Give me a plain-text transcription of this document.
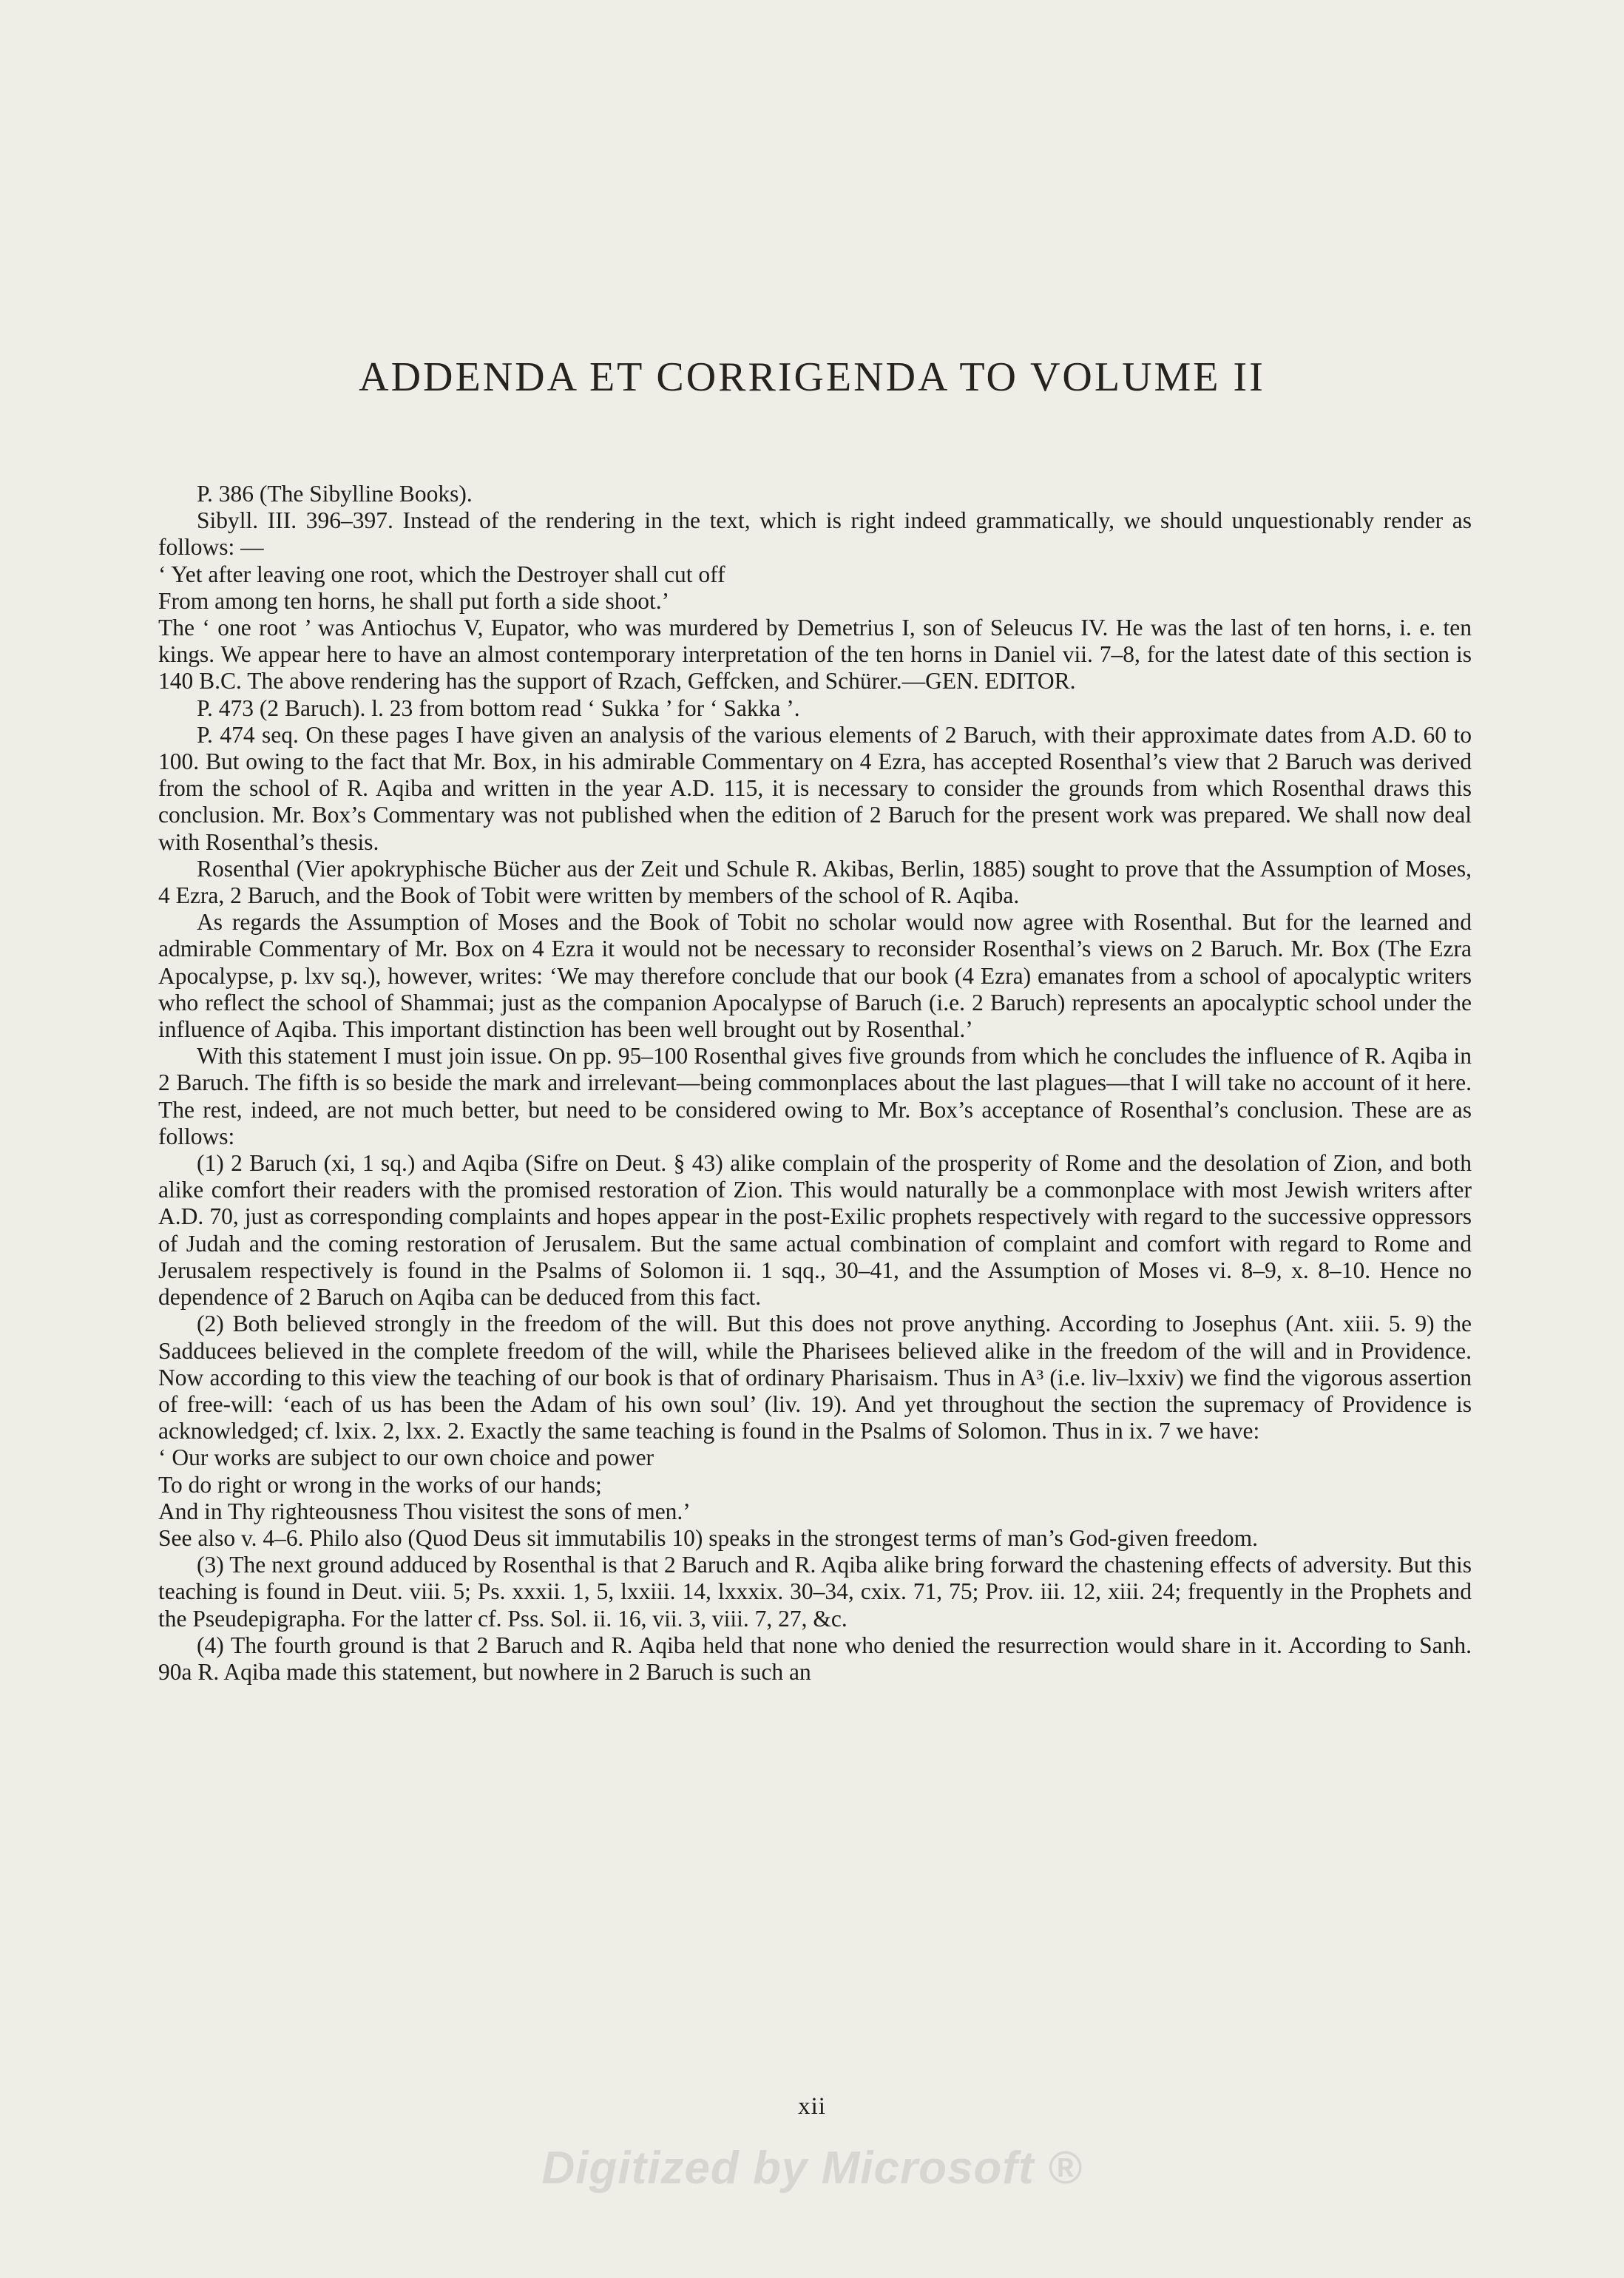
ADDENDA ET CORRIGENDA TO VOLUME II

P. 386 (The Sibylline Books).

Sibyll. III. 396–397. Instead of the rendering in the text, which is right indeed grammatically, we should unquestionably render as follows: —

‘ Yet after leaving one root, which the Destroyer shall cut off

From among ten horns, he shall put forth a side shoot.’

The ‘ one root ’ was Antiochus V, Eupator, who was murdered by Demetrius I, son of Seleucus IV. He was the last of ten horns, i. e. ten kings. We appear here to have an almost contemporary interpretation of the ten horns in Daniel vii. 7–8, for the latest date of this section is 140 B.C. The above rendering has the support of Rzach, Geffcken, and Schürer.—GEN. EDITOR.

P. 473 (2 Baruch). l. 23 from bottom read ‘ Sukka ’ for ‘ Sakka ’.

P. 474 seq. On these pages I have given an analysis of the various elements of 2 Baruch, with their approximate dates from A.D. 60 to 100. But owing to the fact that Mr. Box, in his admirable Commentary on 4 Ezra, has accepted Rosenthal’s view that 2 Baruch was derived from the school of R. Aqiba and written in the year A.D. 115, it is necessary to consider the grounds from which Rosenthal draws this conclusion. Mr. Box’s Commentary was not published when the edition of 2 Baruch for the present work was prepared. We shall now deal with Rosenthal’s thesis.

Rosenthal (Vier apokryphische Bücher aus der Zeit und Schule R. Akibas, Berlin, 1885) sought to prove that the Assumption of Moses, 4 Ezra, 2 Baruch, and the Book of Tobit were written by members of the school of R. Aqiba.

As regards the Assumption of Moses and the Book of Tobit no scholar would now agree with Rosenthal. But for the learned and admirable Commentary of Mr. Box on 4 Ezra it would not be necessary to reconsider Rosenthal’s views on 2 Baruch. Mr. Box (The Ezra Apocalypse, p. lxv sq.), however, writes: ‘We may therefore conclude that our book (4 Ezra) emanates from a school of apocalyptic writers who reflect the school of Shammai; just as the companion Apocalypse of Baruch (i.e. 2 Baruch) represents an apocalyptic school under the influence of Aqiba. This important distinction has been well brought out by Rosenthal.’

With this statement I must join issue. On pp. 95–100 Rosenthal gives five grounds from which he concludes the influence of R. Aqiba in 2 Baruch. The fifth is so beside the mark and irrelevant—being commonplaces about the last plagues—that I will take no account of it here. The rest, indeed, are not much better, but need to be considered owing to Mr. Box’s acceptance of Rosenthal’s conclusion. These are as follows:

(1) 2 Baruch (xi, 1 sq.) and Aqiba (Sifre on Deut. § 43) alike complain of the prosperity of Rome and the desolation of Zion, and both alike comfort their readers with the promised restoration of Zion. This would naturally be a commonplace with most Jewish writers after A.D. 70, just as corresponding complaints and hopes appear in the post-Exilic prophets respectively with regard to the successive oppressors of Judah and the coming restoration of Jerusalem. But the same actual combination of complaint and comfort with regard to Rome and Jerusalem respectively is found in the Psalms of Solomon ii. 1 sqq., 30–41, and the Assumption of Moses vi. 8–9, x. 8–10. Hence no dependence of 2 Baruch on Aqiba can be deduced from this fact.

(2) Both believed strongly in the freedom of the will. But this does not prove anything. According to Josephus (Ant. xiii. 5. 9) the Sadducees believed in the complete freedom of the will, while the Pharisees believed alike in the freedom of the will and in Providence. Now according to this view the teaching of our book is that of ordinary Pharisaism. Thus in A³ (i.e. liv–lxxiv) we find the vigorous assertion of free-will: ‘each of us has been the Adam of his own soul’ (liv. 19). And yet throughout the section the supremacy of Providence is acknowledged; cf. lxix. 2, lxx. 2. Exactly the same teaching is found in the Psalms of Solomon. Thus in ix. 7 we have:

‘ Our works are subject to our own choice and power

To do right or wrong in the works of our hands;

And in Thy righteousness Thou visitest the sons of men.’

See also v. 4–6. Philo also (Quod Deus sit immutabilis 10) speaks in the strongest terms of man’s God-given freedom.

(3) The next ground adduced by Rosenthal is that 2 Baruch and R. Aqiba alike bring forward the chastening effects of adversity. But this teaching is found in Deut. viii. 5; Ps. xxxii. 1, 5, lxxiii. 14, lxxxix. 30–34, cxix. 71, 75; Prov. iii. 12, xiii. 24; frequently in the Prophets and the Pseudepigrapha. For the latter cf. Pss. Sol. ii. 16, vii. 3, viii. 7, 27, &c.

(4) The fourth ground is that 2 Baruch and R. Aqiba held that none who denied the resurrection would share in it. According to Sanh. 90a R. Aqiba made this statement, but nowhere in 2 Baruch is such an

xii
Digitized by Microsoft ®
